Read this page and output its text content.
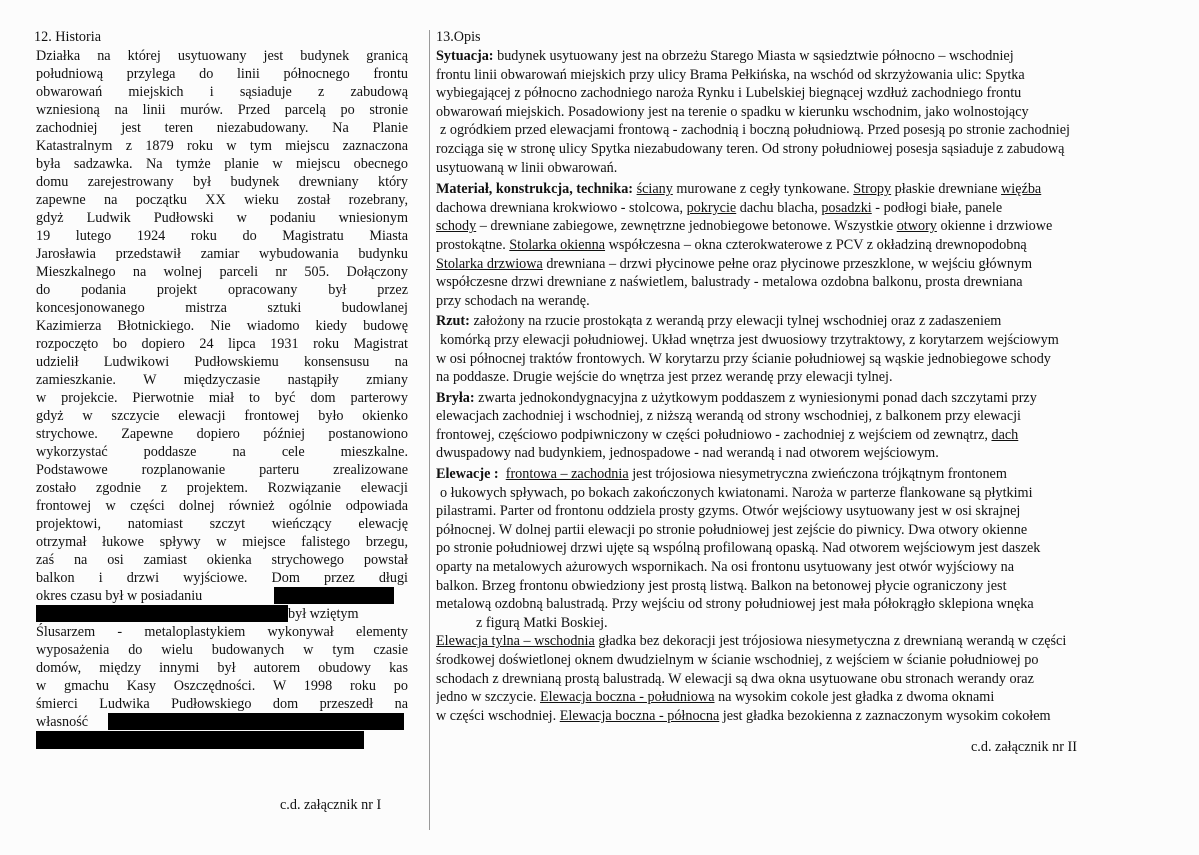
12. Historia
Działka na której usytuowany jest budynek granicą
południową przylega do linii północnego frontu
obwarowań miejskich i sąsiaduje z zabudową
wzniesioną na linii murów. Przed parcelą po stronie
zachodniej jest teren niezabudowany. Na Planie
Katastralnym z 1879 roku w tym miejscu zaznaczona
była sadzawka. Na tymże planie w miejscu obecnego
domu zarejestrowany był budynek drewniany który
zapewne na początku XX wieku został rozebrany,
gdyż Ludwik Pudłowski w podaniu wniesionym
19 lutego 1924 roku do Magistratu Miasta
Jarosławia przedstawił zamiar wybudowania budynku
Mieszkalnego na wolnej parceli nr 505. Dołączony
do podania projekt opracowany był przez
koncesjonowanego mistrza sztuki budowlanej
Kazimierza Błotnickiego. Nie wiadomo kiedy budowę
rozpoczęto bo dopiero 24 lipca 1931 roku Magistrat
udzielił Ludwikowi Pudłowskiemu konsensusu na
zamieszkanie. W międzyczasie nastąpiły zmiany
w projekcie. Pierwotnie miał to być dom parterowy
gdyż w szczycie elewacji frontowej było okienko
strychowe. Zapewne dopiero później postanowiono
wykorzystać poddasze na cele mieszkalne.
Podstawowe rozplanowanie parteru zrealizowane
zostało zgodnie z projektem. Rozwiązanie elewacji
frontowej w części dolnej również ogólnie odpowiada
projektowi, natomiast szczyt wieńczący elewację
otrzymał łukowe spływy w miejsce falistego brzegu,
zaś na osi zamiast okienka strychowego powstał
balkon i drzwi wyjściowe. Dom przez długi
okres czasu był w posiadaniu
był wziętym
Ślusarzem - metaloplastykiem wykonywał elementy
wyposażenia do wielu budowanych w tym czasie
domów, między innymi był autorem obudowy kas
w gmachu Kasy Oszczędności. W 1998 roku po
śmierci Ludwika Pudłowskiego dom przeszedł na
własność
c.d. załącznik nr I
13.Opis
Sytuacja: budynek usytuowany jest na obrzeżu Starego Miasta w sąsiedztwie północno – wschodniej
frontu linii obwarowań miejskich przy ulicy Brama Pełkińska, na wschód od skrzyżowania ulic: Spytka
wybiegającej z północno zachodniego naroża Rynku i Lubelskiej biegnącej wzdłuż zachodniego frontu
obwarowań miejskich. Posadowiony jest na terenie o spadku w kierunku wschodnim, jako wolnostojący
z ogródkiem przed elewacjami frontową - zachodnią i boczną południową. Przed posesją po stronie zachodniej
rozciąga się w stronę ulicy Spytka niezabudowany teren. Od strony południowej posesja sąsiaduje z zabudową
usytuowaną w linii obwarowań.
Materiał, konstrukcja, technika: ściany murowane z cegły tynkowane. Stropy płaskie drewniane więźba
dachowa drewniana krokwiowo - stolcowa, pokrycie dachu blacha, posadzki - podłogi białe, panele
schody – drewniane zabiegowe, zewnętrzne jednobiegowe betonowe. Wszystkie otwory okienne i drzwiowe
prostokątne. Stolarka okienna współczesna – okna czterokwaterowe z PCV z okładziną drewnopodobną
Stolarka drzwiowa drewniana – drzwi płycinowe pełne oraz płycinowe przeszklone, w wejściu głównym
współczesne drzwi drewniane z naświetlem, balustrady - metalowa ozdobna balkonu, prosta drewniana
przy schodach na werandę.
Rzut: założony na rzucie prostokąta z werandą przy elewacji tylnej wschodniej oraz z zadaszeniem
komórką przy elewacji południowej. Układ wnętrza jest dwuosiowy trzytraktowy, z korytarzem wejściowym
w osi północnej traktów frontowych. W korytarzu przy ścianie południowej są wąskie jednobiegowe schody
na poddasze. Drugie wejście do wnętrza jest przez werandę przy elewacji tylnej.
Bryła: zwarta jednokondygnacyjna z użytkowym poddaszem z wyniesionymi ponad dach szczytami przy
elewacjach zachodniej i wschodniej, z niższą werandą od strony wschodniej, z balkonem przy elewacji
frontowej, częściowo podpiwniczony w części południowo - zachodniej z wejściem od zewnątrz, dach
dwuspadowy nad budynkiem, jednospadowe - nad werandą i nad otworem wejściowym.
Elewacje : frontowa – zachodnia jest trójosiowa niesymetryczna zwieńczona trójkątnym frontonem
o łukowych spływach, po bokach zakończonych kwiatonami. Naroża w parterze flankowane są płytkimi
pilastrami. Parter od frontonu oddziela prosty gzyms. Otwór wejściowy usytuowany jest w osi skrajnej
północnej. W dolnej partii elewacji po stronie południowej jest zejście do piwnicy. Dwa otwory okienne
po stronie południowej drzwi ujęte są wspólną profilowaną opaską. Nad otworem wejściowym jest daszek
oparty na metalowych ażurowych wspornikach. Na osi frontonu usytuowany jest otwór wyjściowy na
balkon. Brzeg frontonu obwiedziony jest prostą listwą. Balkon na betonowej płycie ograniczony jest
metalową ozdobną balustradą. Przy wejściu od strony południowej jest mała półokrągło sklepiona wnęka
z figurą Matki Boskiej.
Elewacja tylna – wschodnia gładka bez dekoracji jest trójosiowa niesymetyczna z drewnianą werandą w części
środkowej doświetlonej oknem dwudzielnym w ścianie wschodniej, z wejściem w ścianie południowej po
schodach z drewnianą prostą balustradą. W elewacji są dwa okna usytuowane obu stronach werandy oraz
jedno w szczycie. Elewacja boczna - południowa na wysokim cokole jest gładka z dwoma oknami
w części wschodniej. Elewacja boczna - północna jest gładka bezokienna z zaznaczonym wysokim cokołem
c.d. załącznik nr II
